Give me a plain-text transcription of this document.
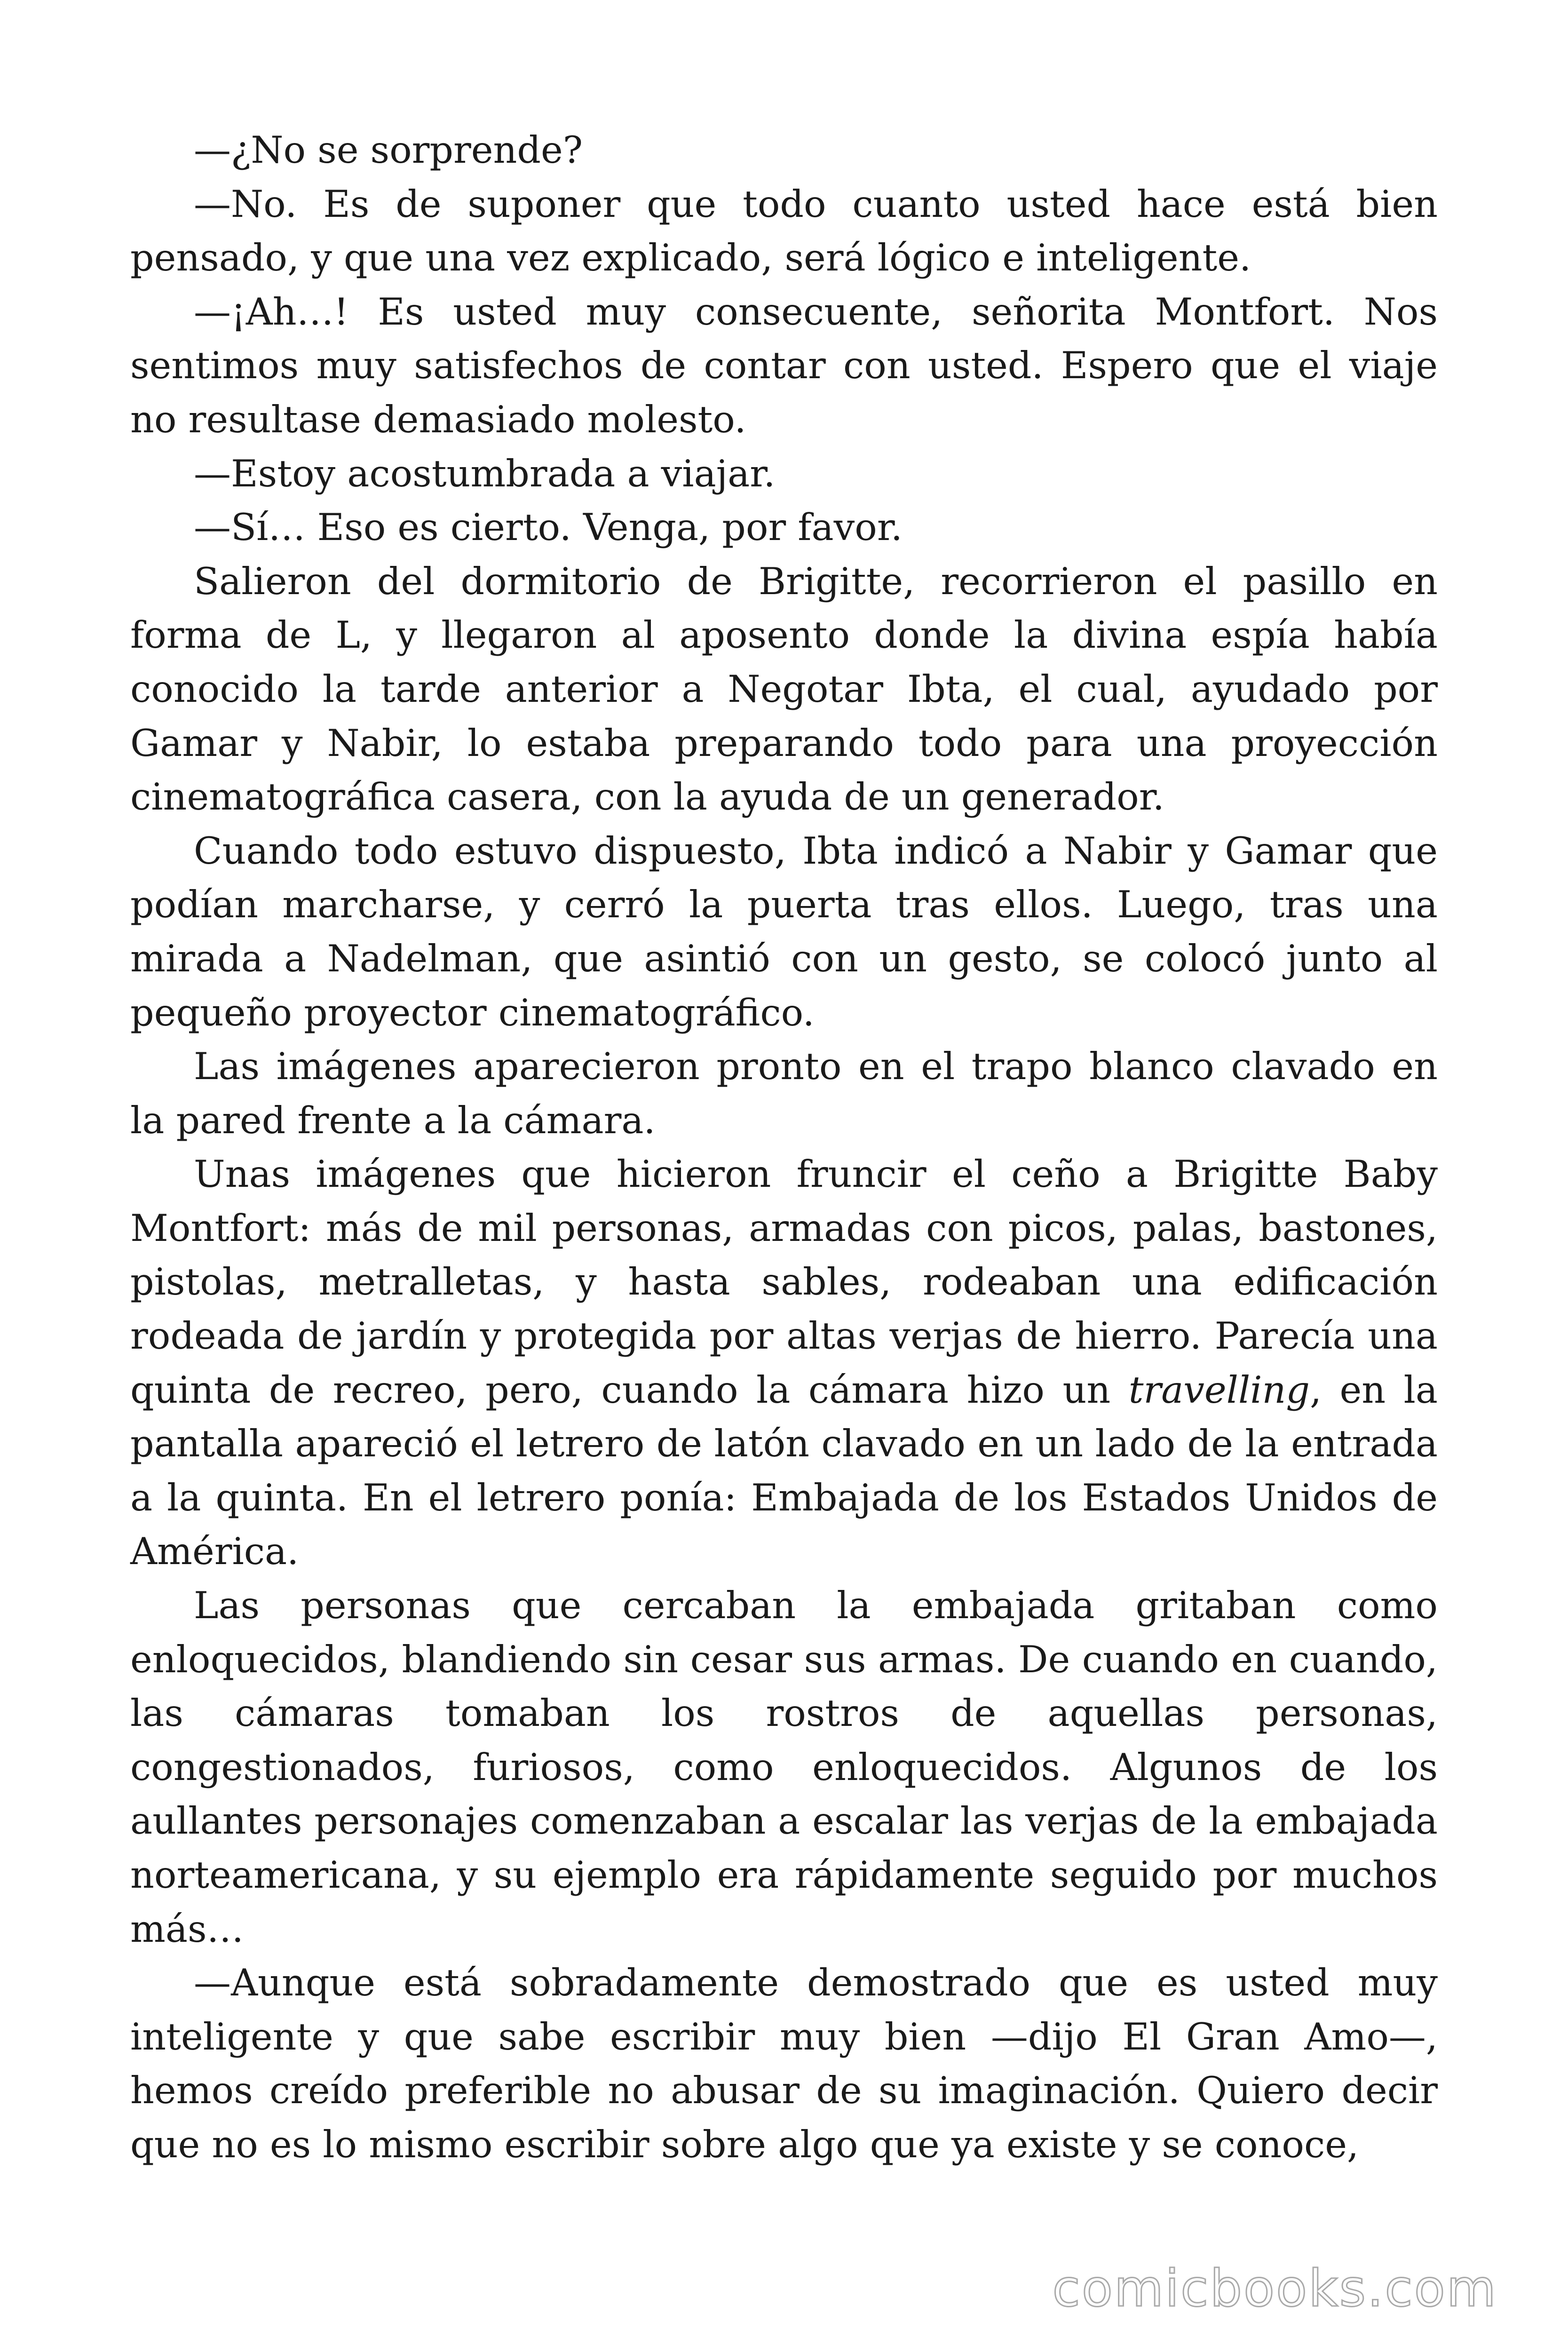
—¿No se sorprende?

—No. Es de suponer que todo cuanto usted hace está bien pensado, y que una vez explicado, será lógico e inteligente.

—¡Ah…! Es usted muy consecuente, señorita Montfort. Nos sentimos muy satisfechos de contar con usted. Espero que el viaje no resultase demasiado molesto.

—Estoy acostumbrada a viajar.

—Sí… Eso es cierto. Venga, por favor.

Salieron del dormitorio de Brigitte, recorrieron el pasillo en forma de L, y llegaron al aposento donde la divina espía había conocido la tarde anterior a Negotar Ibta, el cual, ayudado por Gamar y Nabir, lo estaba preparando todo para una proyección cinematográfica casera, con la ayuda de un generador.

Cuando todo estuvo dispuesto, Ibta indicó a Nabir y Gamar que podían marcharse, y cerró la puerta tras ellos. Luego, tras una mirada a Nadelman, que asintió con un gesto, se colocó junto al pequeño proyector cinematográfico.

Las imágenes aparecieron pronto en el trapo blanco clavado en la pared frente a la cámara.

Unas imágenes que hicieron fruncir el ceño a Brigitte Baby Montfort: más de mil personas, armadas con picos, palas, bastones, pistolas, metralletas, y hasta sables, rodeaban una edificación rodeada de jardín y protegida por altas verjas de hierro. Parecía una quinta de recreo, pero, cuando la cámara hizo un travelling, en la pantalla apareció el letrero de latón clavado en un lado de la entrada a la quinta. En el letrero ponía: Embajada de los Estados Unidos de América.

Las personas que cercaban la embajada gritaban como enloquecidos, blandiendo sin cesar sus armas. De cuando en cuando, las cámaras tomaban los rostros de aquellas personas, congestionados, furiosos, como enloquecidos. Algunos de los aullantes personajes comenzaban a escalar las verjas de la embajada norteamericana, y su ejemplo era rápidamente seguido por muchos más…

—Aunque está sobradamente demostrado que es usted muy inteligente y que sabe escribir muy bien —dijo El Gran Amo—, hemos creído preferible no abusar de su imaginación. Quiero decir que no es lo mismo escribir sobre algo que ya existe y se conoce,

comicbooks.com
